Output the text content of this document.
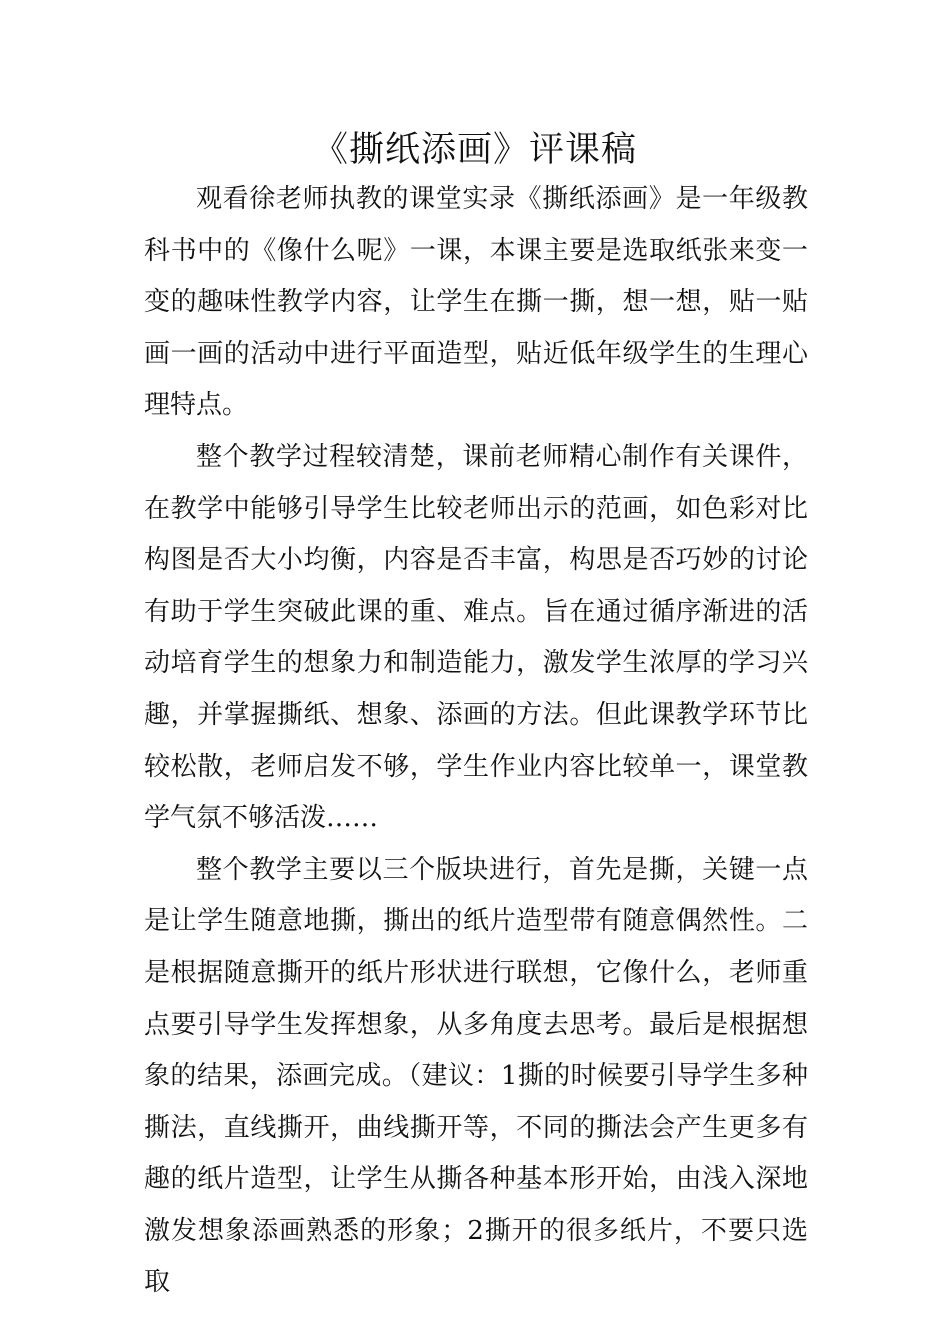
《撕纸添画》评课稿

观看徐老师执教的课堂实录《撕纸添画》是一年级教科书中的《像什么呢》一课，本课主要是选取纸张来变一变的趣味性教学内容，让学生在撕一撕，想一想，贴一贴画一画的活动中进行平面造型，贴近低年级学生的生理心理特点。

整个教学过程较清楚，课前老师精心制作有关课件，在教学中能够引导学生比较老师出示的范画，如色彩对比构图是否大小均衡，内容是否丰富，构思是否巧妙的讨论有助于学生突破此课的重、难点。旨在通过循序渐进的活动培育学生的想象力和制造能力，激发学生浓厚的学习兴趣，并掌握撕纸、想象、添画的方法。但此课教学环节比较松散，老师启发不够，学生作业内容比较单一，课堂教学气氛不够活泼……

整个教学主要以三个版块进行，首先是撕，关键一点是让学生随意地撕，撕出的纸片造型带有随意偶然性。二是根据随意撕开的纸片形状进行联想，它像什么，老师重点要引导学生发挥想象，从多角度去思考。最后是根据想象的结果，添画完成。（建议：1撕的时候要引导学生多种撕法，直线撕开，曲线撕开等，不同的撕法会产生更多有趣的纸片造型，让学生从撕各种基本形开始，由浅入深地激发想象添画熟悉的形象；2撕开的很多纸片，不要只选取
